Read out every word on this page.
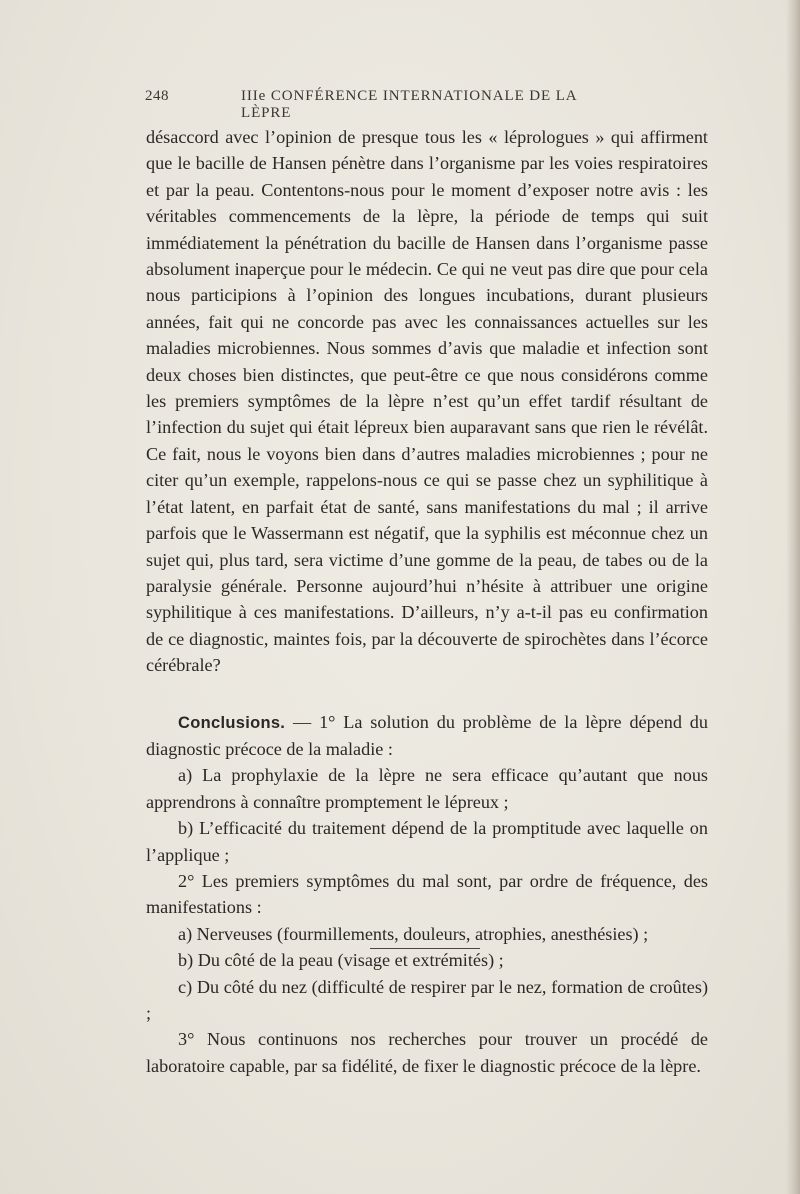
248	IIIe CONFÉRENCE INTERNATIONALE DE LA LÈPRE

désaccord avec l’opinion de presque tous les « léprologues » qui affirment que le bacille de Hansen pénètre dans l’organisme par les voies respiratoires et par la peau. Contentons-nous pour le moment d’exposer notre avis : les véritables commencements de la lèpre, la période de temps qui suit immédiatement la pénétration du bacille de Hansen dans l’organisme passe absolument inaperçue pour le médecin. Ce qui ne veut pas dire que pour cela nous participions à l’opinion des longues incubations, durant plusieurs années, fait qui ne concorde pas avec les connaissances actuelles sur les maladies microbiennes. Nous sommes d’avis que maladie et infection sont deux choses bien distinctes, que peut-être ce que nous considérons comme les premiers symptômes de la lèpre n’est qu’un effet tardif résultant de l’infection du sujet qui était lépreux bien auparavant sans que rien le révélât. Ce fait, nous le voyons bien dans d’autres maladies microbiennes ; pour ne citer qu’un exemple, rappelons-nous ce qui se passe chez un syphilitique à l’état latent, en parfait état de santé, sans manifestations du mal ; il arrive parfois que le Wassermann est négatif, que la syphilis est méconnue chez un sujet qui, plus tard, sera victime d’une gomme de la peau, de tabes ou de la paralysie générale. Personne aujourd’hui n’hésite à attribuer une origine syphilitique à ces manifestations. D’ailleurs, n’y a-t-il pas eu confirmation de ce diagnostic, maintes fois, par la découverte de spirochètes dans l’écorce cérébrale?

Conclusions. — 1° La solution du problème de la lèpre dépend du diagnostic précoce de la maladie :

a) La prophylaxie de la lèpre ne sera efficace qu’autant que nous apprendrons à connaître promptement le lépreux ;

b) L’efficacité du traitement dépend de la promptitude avec laquelle on l’applique ;

2° Les premiers symptômes du mal sont, par ordre de fréquence, des manifestations :

a) Nerveuses (fourmillements, douleurs, atrophies, anesthésies) ;

b) Du côté de la peau (visage et extrémités) ;

c) Du côté du nez (difficulté de respirer par le nez, formation de croûtes) ;

3° Nous continuons nos recherches pour trouver un procédé de laboratoire capable, par sa fidélité, de fixer le diagnostic précoce de la lèpre.
